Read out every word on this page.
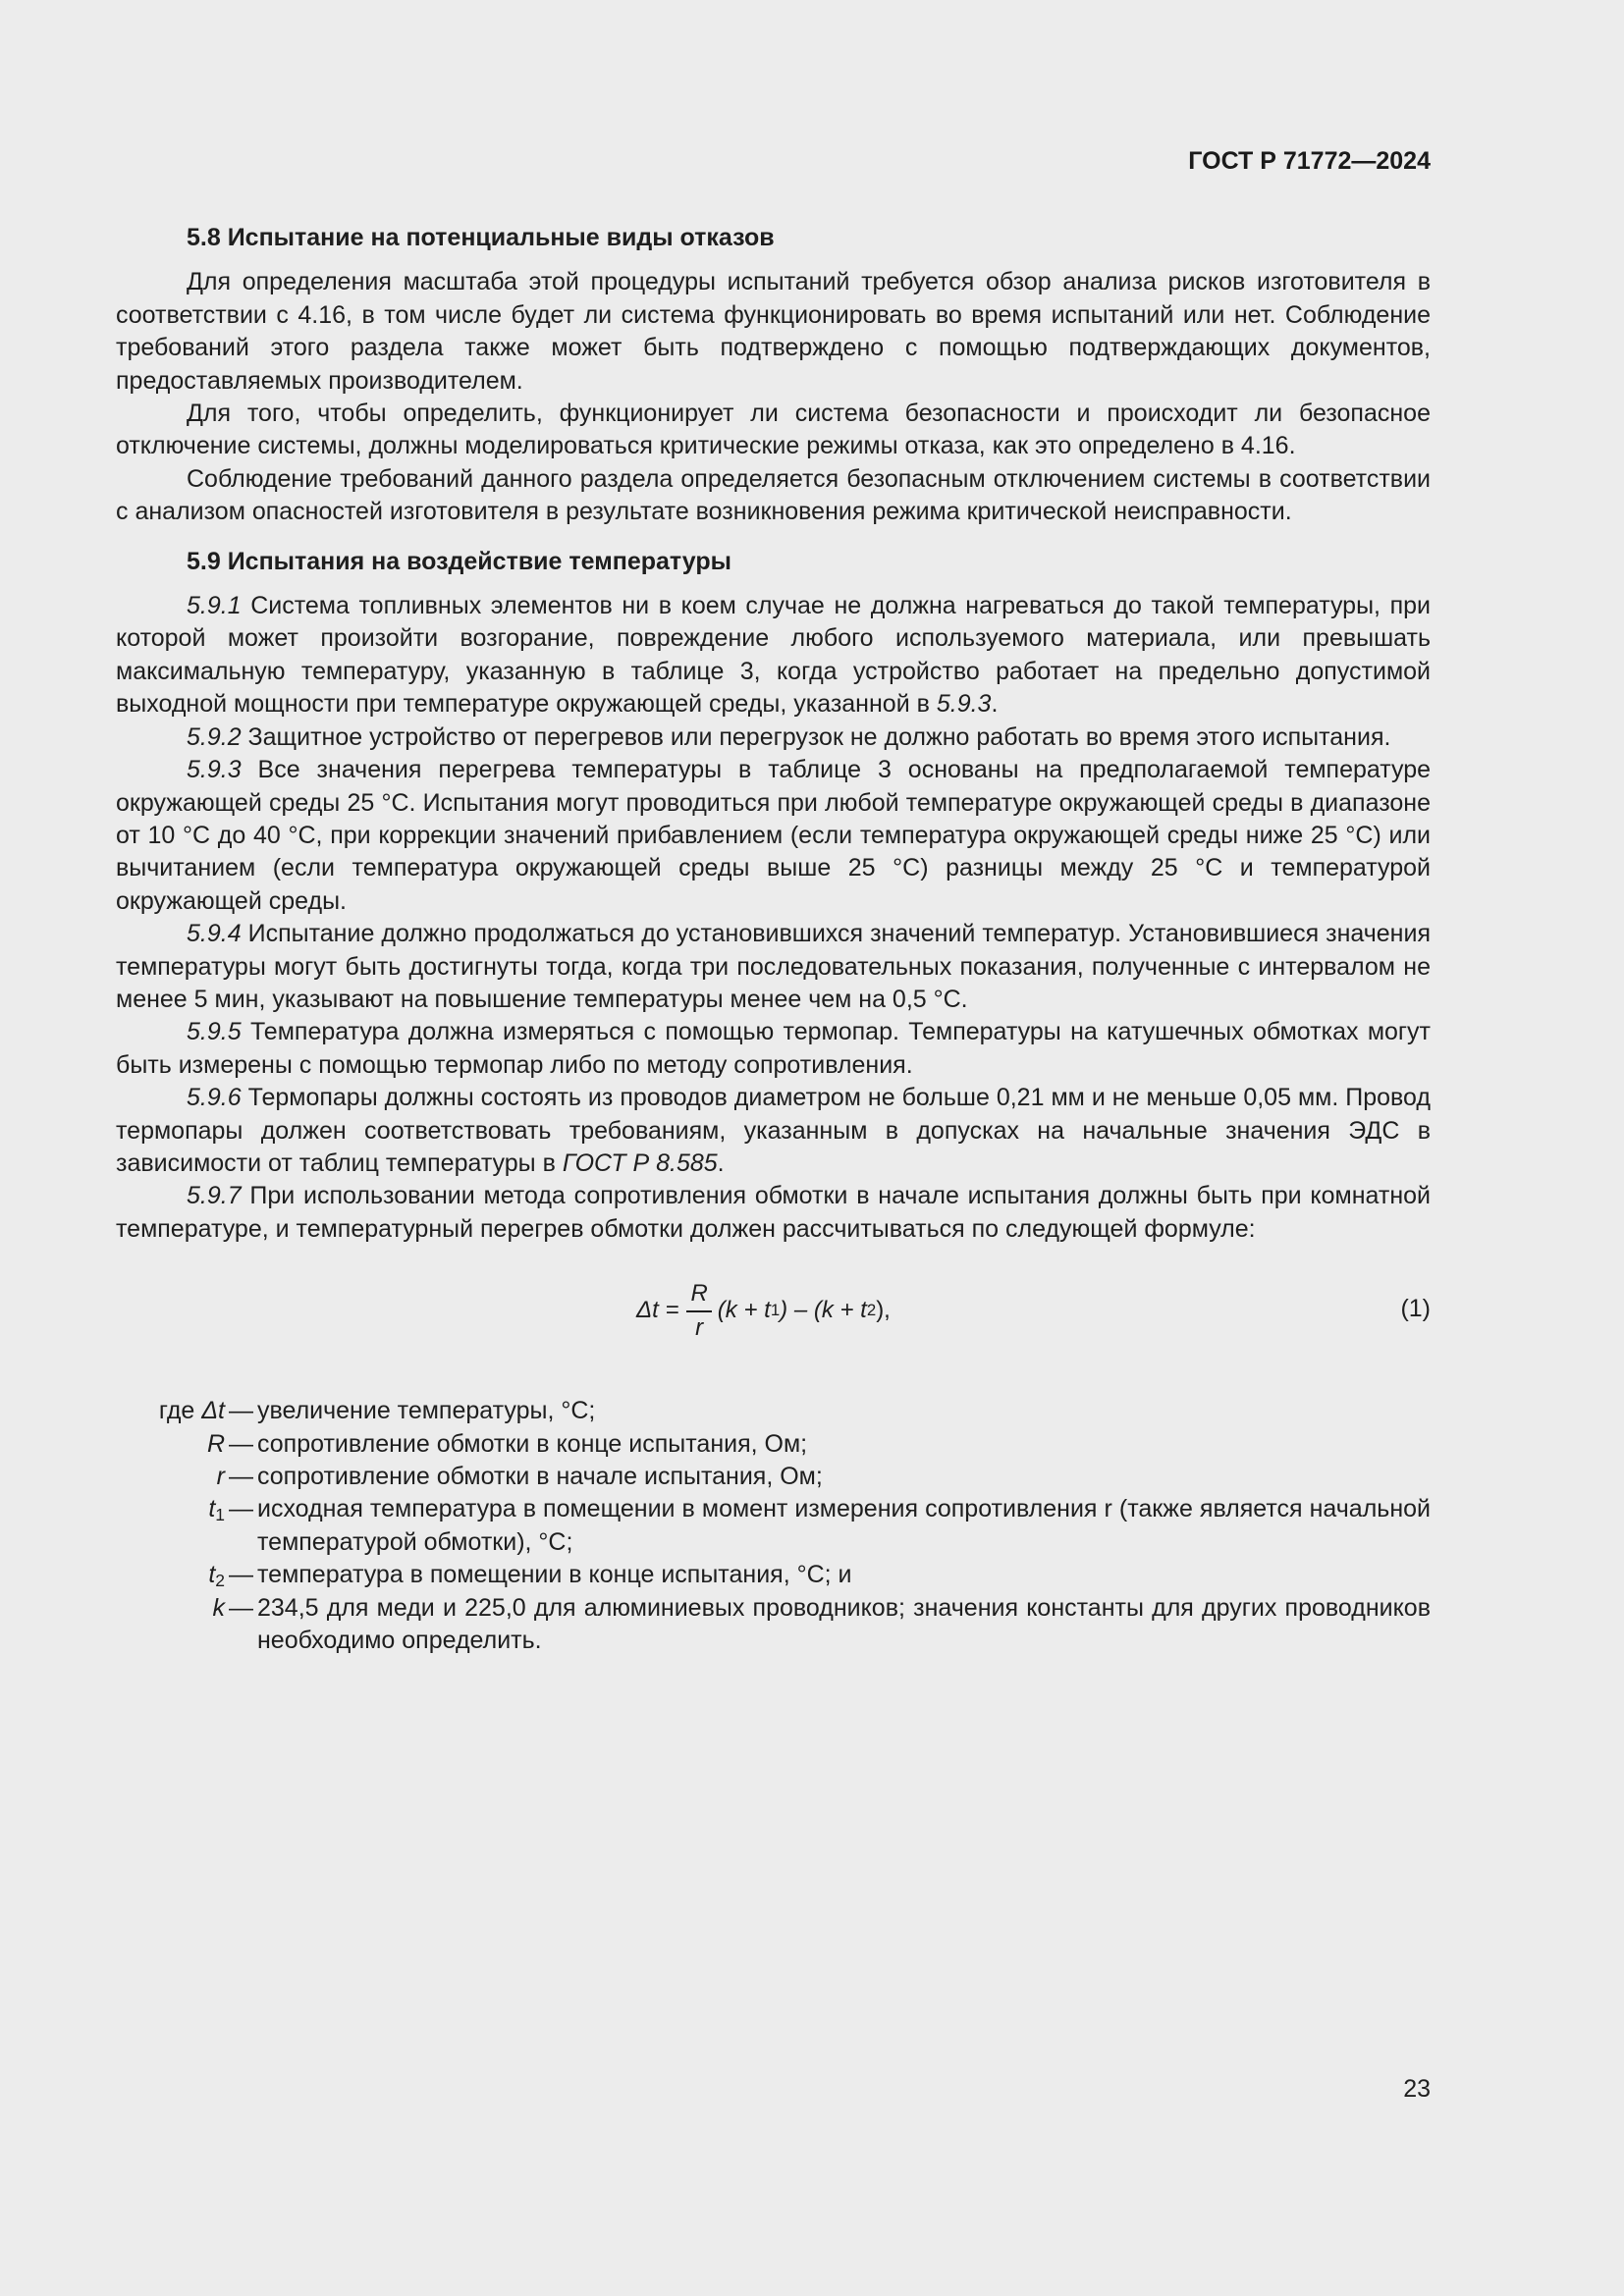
ГОСТ Р 71772—2024
5.8 Испытание на потенциальные виды отказов

Для определения масштаба этой процедуры испытаний требуется обзор анализа рисков изготовителя в соответствии с 4.16, в том числе будет ли система функционировать во время испытаний или нет. Соблюдение требований этого раздела также может быть подтверждено с помощью подтверждающих документов, предоставляемых производителем.

Для того, чтобы определить, функционирует ли система безопасности и происходит ли безопасное отключение системы, должны моделироваться критические режимы отказа, как это определено в 4.16.

Соблюдение требований данного раздела определяется безопасным отключением системы в соответствии с анализом опасностей изготовителя в результате возникновения режима критической неисправности.

5.9 Испытания на воздействие температуры

5.9.1 Система топливных элементов ни в коем случае не должна нагреваться до такой температуры, при которой может произойти возгорание, повреждение любого используемого материала, или превышать максимальную температуру, указанную в таблице 3, когда устройство работает на предельно допустимой выходной мощности при температуре окружающей среды, указанной в 5.9.3.

5.9.2 Защитное устройство от перегревов или перегрузок не должно работать во время этого испытания.

5.9.3 Все значения перегрева температуры в таблице 3 основаны на предполагаемой температуре окружающей среды 25 °C. Испытания могут проводиться при любой температуре окружающей среды в диапазоне от 10 °C до 40 °C, при коррекции значений прибавлением (если температура окружающей среды ниже 25 °C) или вычитанием (если температура окружающей среды выше 25 °C) разницы между 25 °C и температурой окружающей среды.

5.9.4 Испытание должно продолжаться до установившихся значений температур. Установившиеся значения температуры могут быть достигнуты тогда, когда три последовательных показания, полученные с интервалом не менее 5 мин, указывают на повышение температуры менее чем на 0,5 °C.

5.9.5 Температура должна измеряться с помощью термопар. Температуры на катушечных обмотках могут быть измерены с помощью термопар либо по методу сопротивления.

5.9.6 Термопары должны состоять из проводов диаметром не больше 0,21 мм и не меньше 0,05 мм. Провод термопары должен соответствовать требованиям, указанным в допусках на начальные значения ЭДС в зависимости от таблиц температуры в ГОСТ Р 8.585.

5.9.7 При использовании метода сопротивления обмотки в начале испытания должны быть при комнатной температуре, и температурный перегрев обмотки должен рассчитываться по следующей формуле:

$\Delta t = \frac{R}{r} (k + t$ 1 ) – (k + t 2 ),	(1)
где Δt — увеличение температуры, °С;
R — сопротивление обмотки в конце испытания, Ом;
r — сопротивление обмотки в начале испытания, Ом;
$t_1$ — исходная температура в помещении в момент измерения сопротивления r (также является начальной температурой обмотки), °С;
$t_2$ — температура в помещении в конце испытания, °С; и
k — 234,5 для меди и 225,0 для алюминиевых проводников; значения константы для других проводников необходимо определить.
23
